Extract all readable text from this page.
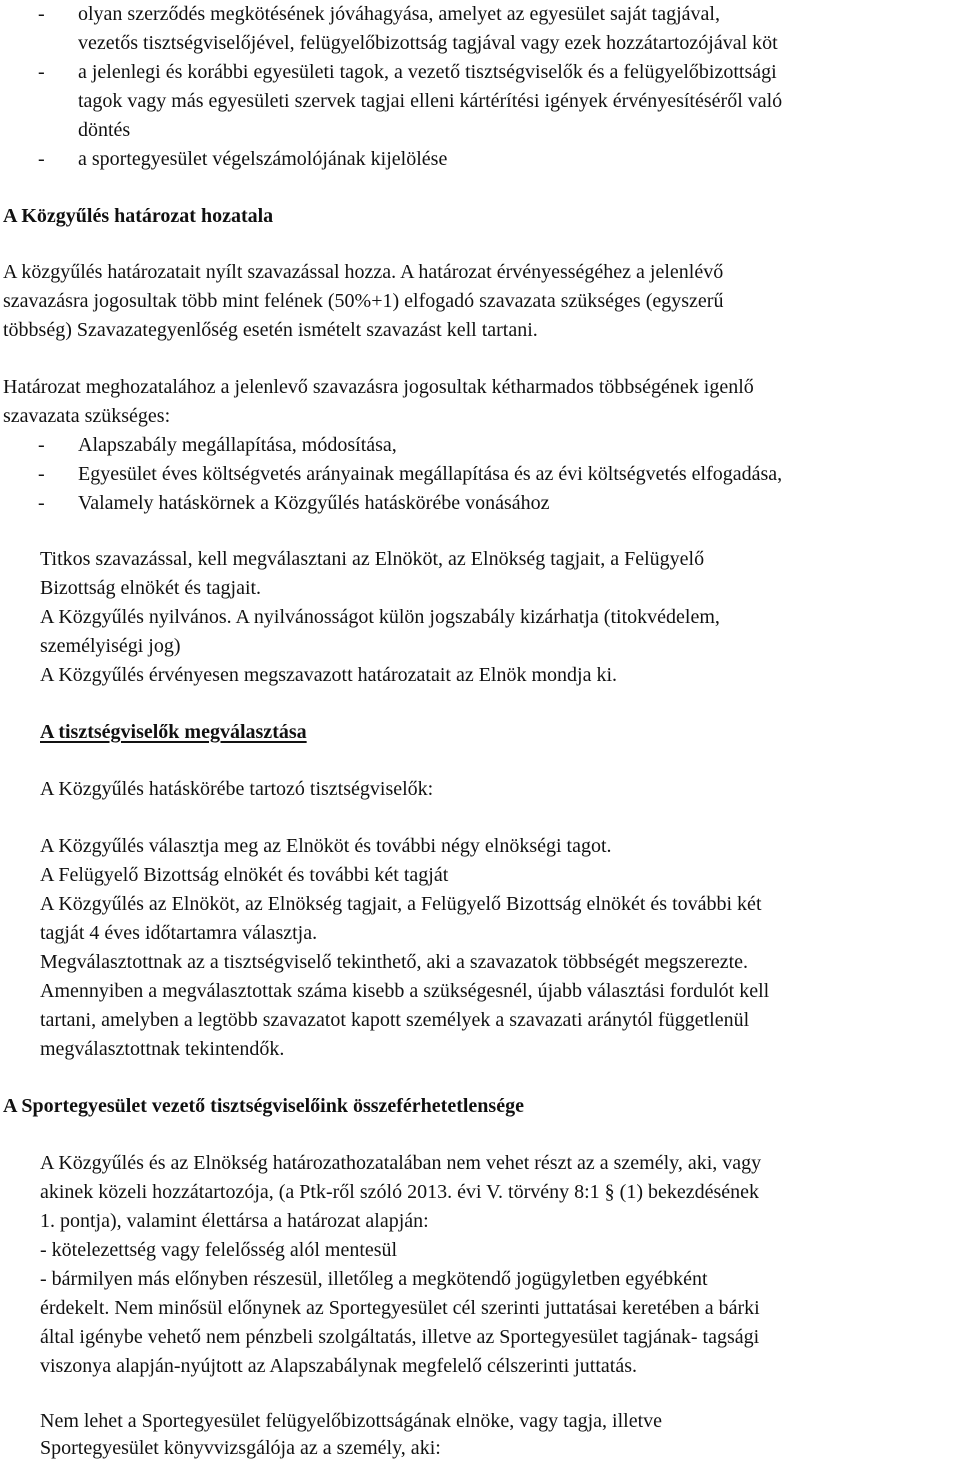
- olyan szerződés megkötésének jóváhagyása, amelyet az egyesület saját tagjával,
vezetős tisztségviselőjével, felügyelőbizottság tagjával vagy ezek hozzátartozójával köt
- a jelenlegi és korábbi egyesületi tagok, a vezető tisztségviselők és a felügyelőbizottsági
tagok vagy más egyesületi szervek tagjai elleni kártérítési igények érvényesítéséről való
döntés
- a sportegyesület végelszámolójának kijelölése
A Közgyűlés határozat hozatala
A közgyűlés határozatait nyílt szavazással hozza. A határozat érvényességéhez a jelenlévő
szavazásra jogosultak több mint felének (50%+1) elfogadó szavazata szükséges (egyszerű
többség) Szavazategyenlőség esetén ismételt szavazást kell tartani.
Határozat meghozatalához a jelenlevő szavazásra jogosultak kétharmados többségének igenlő
szavazata szükséges:
- Alapszabály megállapítása, módosítása,
- Egyesület éves költségvetés arányainak megállapítása és az évi költségvetés elfogadása,
- Valamely hatáskörnek a Közgyűlés hatáskörébe vonásához
Titkos szavazással, kell megválasztani az Elnököt, az Elnökség tagjait, a Felügyelő
Bizottság elnökét és tagjait.
A Közgyűlés nyilvános. A nyilvánosságot külön jogszabály kizárhatja (titokvédelem,
személyiségi jog)
A Közgyűlés érvényesen megszavazott határozatait az Elnök mondja ki.
A tisztségviselők megválasztása
A Közgyűlés hatáskörébe tartozó tisztségviselők:
A Közgyűlés választja meg az Elnököt és további négy elnökségi tagot.
A Felügyelő Bizottság elnökét és további két tagját
A Közgyűlés az Elnököt, az Elnökség tagjait, a Felügyelő Bizottság elnökét és további két
tagját 4 éves időtartamra választja.
Megválasztottnak az a tisztségviselő tekinthető, aki a szavazatok többségét megszerezte.
Amennyiben a megválasztottak száma kisebb a szükségesnél, újabb választási fordulót kell
tartani, amelyben a legtöbb szavazatot kapott személyek a szavazati aránytól függetlenül
megválasztottnak tekintendők.
A Sportegyesület vezető tisztségviselőink összeférhetetlensége
A Közgyűlés és az Elnökség határozathozatalában nem vehet részt az a személy, aki, vagy
akinek közeli hozzátartozója, (a Ptk-ről szóló 2013. évi V. törvény 8:1 § (1) bekezdésének
1. pontja), valamint élettársa a határozat alapján:
- kötelezettség vagy felelősség alól mentesül
- bármilyen más előnyben részesül, illetőleg a megkötendő jogügyletben egyébként
érdekelt. Nem minősül előnynek az Sportegyesület cél szerinti juttatásai keretében a bárki
által igénybe vehető nem pénzbeli szolgáltatás, illetve az Sportegyesület tagjának- tagsági
viszonya alapján-nyújtott az Alapszabálynak megfelelő célszerinti juttatás.
Nem lehet a Sportegyesület felügyelőbizottságának elnöke, vagy tagja, illetve
Sportegyesület könyvvizsgálója az a személy, aki:
